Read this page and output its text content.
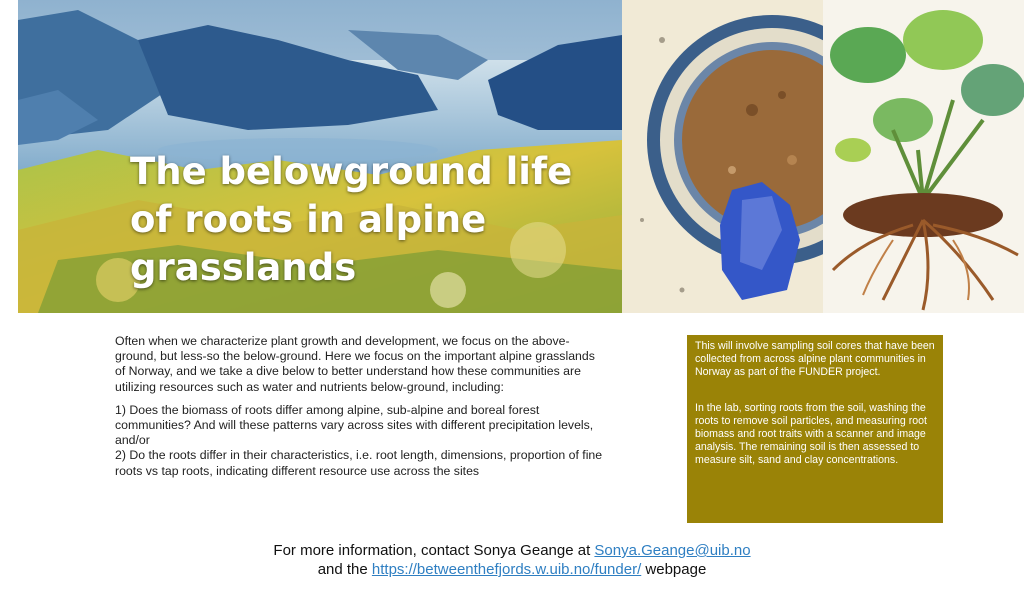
The belowground life
of roots in alpine
grasslands

Often when we characterize plant growth and development, we focus on the above-ground, but less-so the below-ground. Here we focus on the important alpine grasslands of Norway, and we take a dive below to better understand how these communities are utilizing resources such as water and nutrients below-ground, including:

1) Does the biomass of roots differ among alpine, sub-alpine and boreal forest communities? And will these patterns vary across sites with different precipitation levels, and/or
2) Do the roots differ in their characteristics, i.e. root length, dimensions, proportion of fine roots vs tap roots, indicating different resource use across the sites

This will involve sampling soil cores that have been collected from across alpine plant communities in Norway as part of the FUNDER project.

In the lab, sorting roots from the soil, washing the roots to remove soil particles, and measuring root biomass and root traits with a scanner and image analysis. The remaining soil is then assessed to measure silt, sand and clay concentrations.

For more information, contact Sonya Geange at Sonya.Geange@uib.no
and the https://betweenthefjords.w.uib.no/funder/ webpage
